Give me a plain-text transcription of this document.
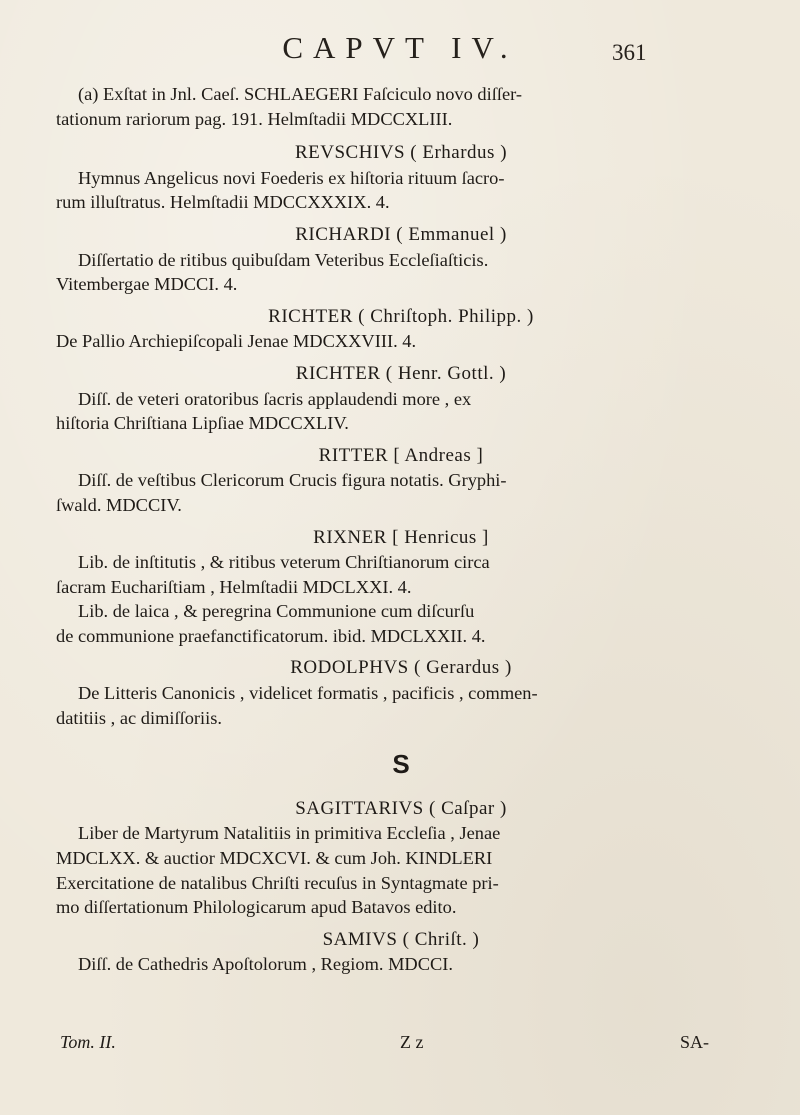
CAPVT IV.	361
(a) Exſtat in Jnl. Caeſ. SCHLAEGERI Faſciculo novo diſſer-
tationum rariorum pag. 191. Helmſtadii MDCCXLIII.
REVSCHIVS ( Erhardus )
Hymnus Angelicus novi Foederis ex hiſtoria rituum ſacro-
rum illuſtratus. Helmſtadii MDCCXXXIX. 4.
RICHARDI ( Emmanuel )
Diſſertatio de ritibus quibuſdam Veteribus Eccleſiaſticis.
Vitembergae MDCCI. 4.
RICHTER ( Chriſtoph. Philipp. )
De Pallio Archiepiſcopali Jenae MDCXXVIII. 4.
RICHTER ( Henr. Gottl. )
Diſſ. de veteri oratoribus ſacris applaudendi more , ex
hiſtoria Chriſtiana Lipſiae MDCCXLIV.
RITTER [ Andreas ]
Diſſ. de veſtibus Clericorum Crucis figura notatis. Gryphi-
ſwald. MDCCIV.
RIXNER [ Henricus ]
Lib. de inſtitutis , & ritibus veterum Chriſtianorum circa
ſacram Euchariſtiam , Helmſtadii MDCLXXI. 4.
Lib. de laica , & peregrina Communione cum diſcurſu
de communione praefanctificatorum. ibid. MDCLXXII. 4.
RODOLPHVS ( Gerardus )
De Litteris Canonicis , videlicet formatis , pacificis , commen-
datitiis , ac dimiſſoriis.
S
SAGITTARIVS ( Caſpar )
Liber de Martyrum Natalitiis in primitiva Eccleſia , Jenae
MDCLXX. & auctior MDCXCVI. & cum Joh. KINDLERI
Exercitatione de natalibus Chriſti recuſus in Syntagmate pri-
mo diſſertationum Philologicarum apud Batavos edito.
SAMIVS ( Chriſt. )
Diſſ. de Cathedris Apoſtolorum , Regiom. MDCCI.
Tom. II.	Z z	SA-
